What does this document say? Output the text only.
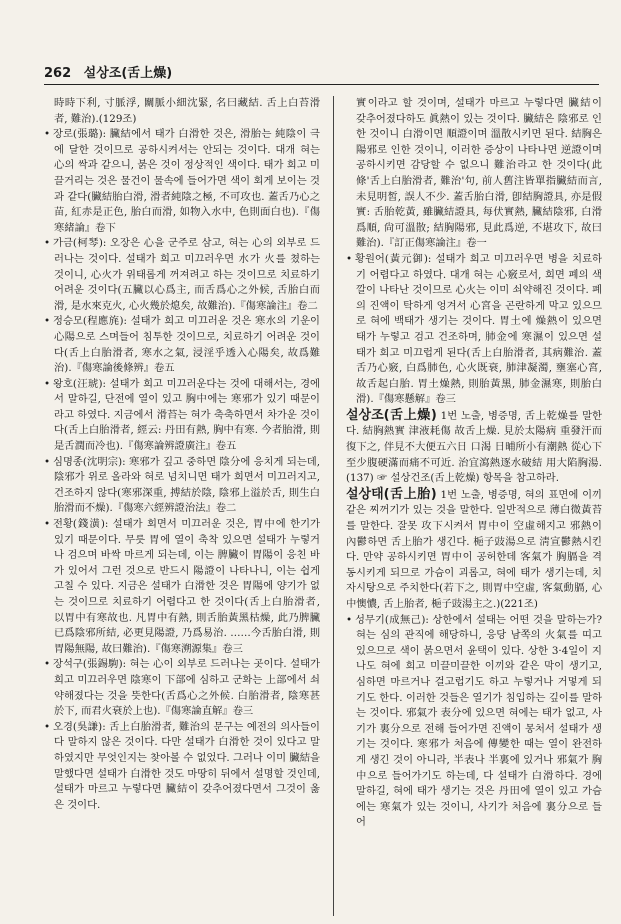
262 설상조(舌上燥)

時時下利, 寸脈浮, 關脈小細沈緊, 名曰藏結. 舌上白苔滑者, 難治).(129조)

• 장로(張璐): 臟結에서 태가 白滑한 것은, 滑胎는 純陰이 극에 달한 것이므로 공하시켜서는 안되는 것이다. 대개 혀는 心의 싹과 같으니, 붉은 것이 정상적인 색이다. 태가 희고 미끌거리는 것은 물건이 물속에 들어가면 색이 회게 보이는 것과 같다(臟結胎白滑, 滑者純陰之極, 不可攻也. 蓋舌乃心之苗, 紅赤是正色, 胎白而滑, 如物入水中, 色則面白也).『傷寒緒論』卷下

• 가금(柯琴): 오장은 心을 군주로 삼고, 혀는 心의 외부로 드러나는 것이다. 설태가 희고 미끄러우면 水가 火를 쳤하는 것이니, 心火가 위태롭게 꺼져려고 하는 것이므로 치료하기 어려운 것이다(五臟以心爲主, 而舌爲心之外候, 舌胎白而滑, 是水來克火, 心火幾於熄矣, 故難治).『傷寒論注』卷二

• 정승모(程應旄): 설태가 희고 미끄러운 것은 寒水의 기운이 心陽으로 스며들어 침투한 것이므로, 치료하기 어려운 것이다(舌上白胎滑者, 寒水之氣, 浸淫乎透入心陽矣, 故爲難治).『傷寒論後條辨』卷五

• 왕호(汪琥): 설태가 희고 미끄러운다는 것에 대해서는, 경에서 말하길, 단전에 열이 있고 胸中에는 寒邪가 있기 때문이라고 하였다. 지금에서 滑苔는 혀가 축축하면서 차가운 것이다(舌上白胎滑者, 經云: 丹田有熱, 胸中有寒. 今者胎滑, 則是舌潤而冷也).『傷寒論辨證廣注』卷五

• 심명종(沈明宗): 寒邪가 깊고 중하면 陰分에 응치게 되는데, 陰邪가 위로 올라와 혀로 넘치니면 태가 희면서 미끄러지고, 건조하지 않다(寒邪深重, 搏結於陰, 陰邪上溢於舌, 則生白胎滑而不燥).『傷寒六經辨證治法』卷二

• 전황(錢潢): 설태가 회면서 미끄러운 것은, 胃中에 한기가 있기 때문이다. 무릇 胃에 열이 축착 있으면 설태가 누렇거나 검으며 바싹 마르게 되는데, 이는 脾臟이 胃陽이 응친 바가 있어서 그런 것으로 반드시 陽證이 나타나니, 이는 쉽게 고칠 수 있다. 지금은 설태가 白滑한 것은 胃陽에 양기가 없는 것이므로 치료하기 어렵다고 한 것이다(舌上白胎滑者, 以胃中有寒故也. 凡胃中有熱, 則舌胎黃黑枯燥, 此乃脾臟已爲陰邪所結, 必更見陽證, 乃爲易治. ……今舌胎白滑, 則胃陽無陽, 故曰難治).『傷寒溯源集』卷三

• 장석구(張錫駒): 혀는 心이 외부로 드러나는 곳이다. 설태가 희고 미끄러우면 陰寒이 下部에 심하고 군화는 上部에서 쇠약해졌다는 것을 뜻한다(舌爲心之外候. 白胎滑者, 陰寒甚於下, 而君火衰於上也).『傷寒論直解』卷三

• 오경(吳謙): 舌上白胎滑者, 難治의 문구는 예전의 의사들이 다 말하지 않은 것이다. 다만 설태가 白滑한 것이 있다고 말하였지만 무엇인지는 찾아볼 수 없었다. 그러나 이미 臟結을 말했다면 설태가 白滑한 것도 마땅히 뒤에서 설명할 것인데, 설태가 마르고 누렇다면 臟結이 갖추어졌다면서 그것이 옳은 것이다.

實이라고 할 것이며, 설태가 마르고 누렇다면 臟結이 갖추어졌다하도 眞熱이 있는 것이다. 臟結은 陰邪로 인한 것이니 白滑이면 順證이며 溫散시키면 된다. 結胸은 陽邪로 인한 것이니, 이러한 증상이 나타나면 逆證이며 공하시키면 감당할 수 없으니 難治라고 한 것이다(此條'舌上白胎滑者, 難治'句, 前人舊注皆單指臟結而言, 未見明皙, 誤人不少. 蓋舌胎白滑, 卽結胸證具, 亦是假實: 舌胎乾黃, 雖臟結證具, 每伏實熱, 臟結陰邪, 白滑爲順, 尙可溫散; 結胸陽邪, 見此爲逆, 不堪攻下, 故曰難治).『訂正傷寒論注』卷一

• 황원어(黃元御): 설태가 희고 미끄러우면 병을 치료하기 어렵다고 하였다. 대개 혀는 心竅로서, 희면 폐의 색깔이 나타난 것이므로 心火는 이미 쇠약해진 것이다. 폐의 진액이 탁하게 엉겨서 心宮을 곤란하게 막고 있으므로 혀에 백태가 생기는 것이다. 胃土에 燥熱이 있으면 태가 누렇고 검고 건조하며, 肺金에 寒濕이 있으면 설태가 희고 미끄럽게 된다(舌上白胎滑者, 其病難治. 蓋舌乃心竅, 白爲肺色, 心火既衰, 肺津凝濁, 壅塞心宮, 故舌起白胎. 胃土燥熱, 則胎黃黑, 肺金濕寒, 則胎白滑).『傷寒懸解』卷三

설상조(舌上燥) 1번 노출, 병증명, 舌上乾燥를 말한다. 結胸熱實 津液耗傷 故舌上燥. 見於太陽病 重發汗而復下之, 伴見不大便五六日 口渴 日晡所小有潮熱 從心下至少腹硬滿而痛不可近. 治宜瀉熱逐水破結 用大陷胸湯.(137) ☞ 설상건조(舌上乾燥) 항목을 참고하라.

설상태(舌上胎) 1번 노출, 병증명, 혀의 표면에 이끼같은 찌꺼기가 있는 것을 말한다. 일반적으로 薄白微黃苔를 말한다. 잘못 攻下시켜서 胃中이 空虛해지고 邪熱이 內鬱하면 舌上胎가 생긴다. 梔子豉湯으로 淸宣鬱熱시킨다. 만약 공하시키면 胃中이 공허한데 客氣가 胸膈을 격동시키게 되므로 가슴이 괴롭고, 혀에 태가 생기는데, 치자시탕으로 주치한다(若下之, 則胃中空虛, 客氣動膈, 心中懊憹, 舌上胎者, 梔子豉湯主之.)(221조)

• 성무기(成無己): 상한에서 설태는 어떤 것을 말하는가? 혀는 심의 관직에 해당하니, 응당 남쪽의 火氣를 띠고 있으므로 색이 붉으면서 윤택이 있다. 상한 3·4일이 지나도 혀에 희고 미끌미끌한 이끼와 같은 막이 생기고, 심하면 마르거나 걸고럽기도 하고 누렇거나 거멓게 되기도 한다. 이러한 것들은 열기가 침입하는 깊이를 말하는 것이다. 邪氣가 表分에 있으면 혀에는 태가 없고, 사기가 裏分으로 전해 들어가면 진액이 몽처서 설태가 생기는 것이다. 寒邪가 처음에 傳變한 때는 열이 완전하게 생긴 것이 아니라, 半表나 半裏에 있거나 邪氣가 胸中으로 들어가기도 하는데, 다 설태가 白滑하다. 경에 말하길, 혀에 태가 생기는 것은 丹田에 열이 있고 가슴에는 寒氣가 있는 것이니, 사기가 처음에 裏分으로 들어
